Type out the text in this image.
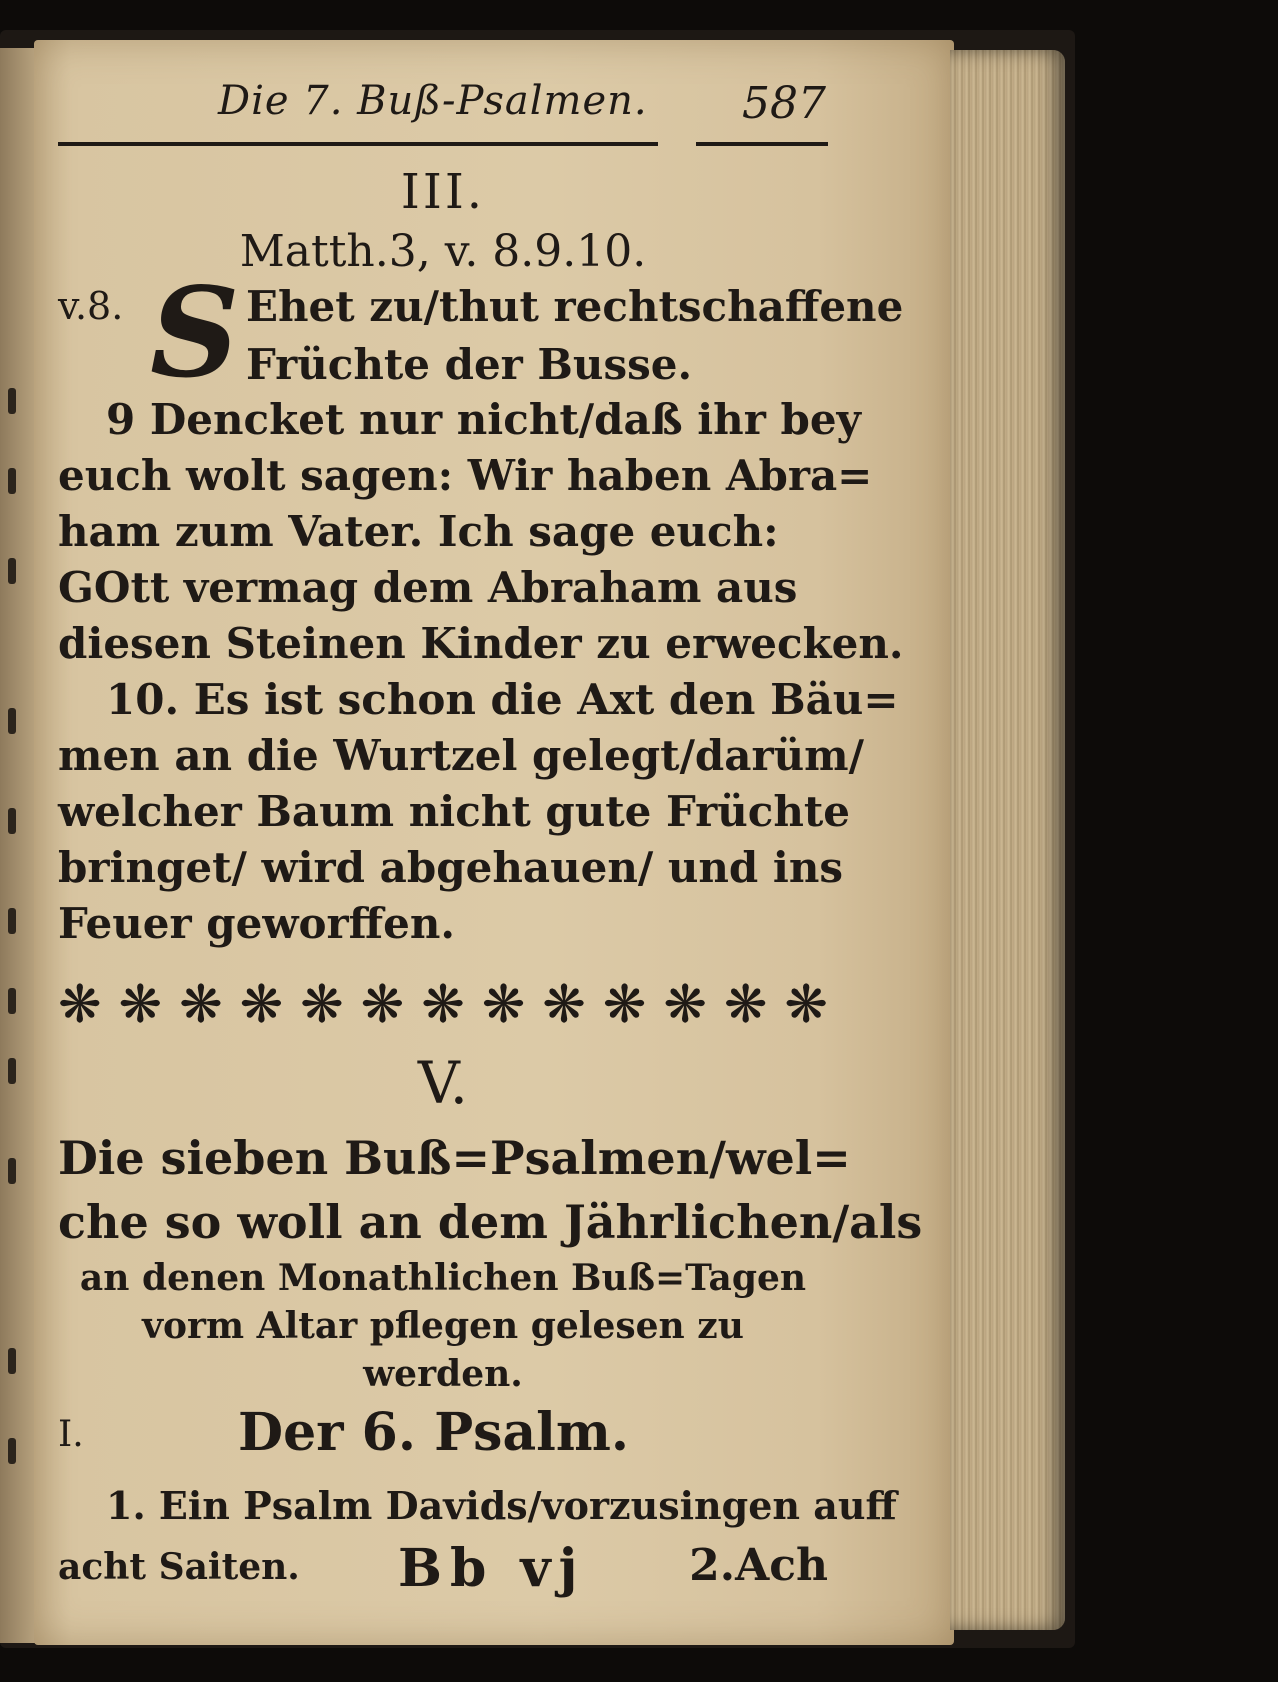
Die 7. Buß-Psalmen. 587
III.
Matth.3, v. 8.9.10.
v.8. S Ehet zu/thut rechtschaffene
Früchte der Busse.
9 Dencket nur nicht/daß ihr bey
euch wolt sagen: Wir haben Abra=
ham zum Vater. Ich sage euch:
GOtt vermag dem Abraham aus
diesen Steinen Kinder zu erwecken.
10. Es ist schon die Axt den Bäu=
men an die Wurtzel gelegt/darüm/
welcher Baum nicht gute Früchte
bringet/ wird abgehauen/ und ins
Feuer geworffen.
❋ ❋ ❋ ❋ ❋ ❋ ❋ ❋ ❋ ❋ ❋ ❋ ❋
V.
Die sieben Buß=Psalmen/wel=
che so woll an dem Jährlichen/als
an denen Monathlichen Buß=Tagen
vorm Altar pflegen gelesen zu
werden.
I.	Der 6. Psalm.
1. Ein Psalm Davids/vorzusingen auff
acht Saiten. Bb vj 2.Ach
